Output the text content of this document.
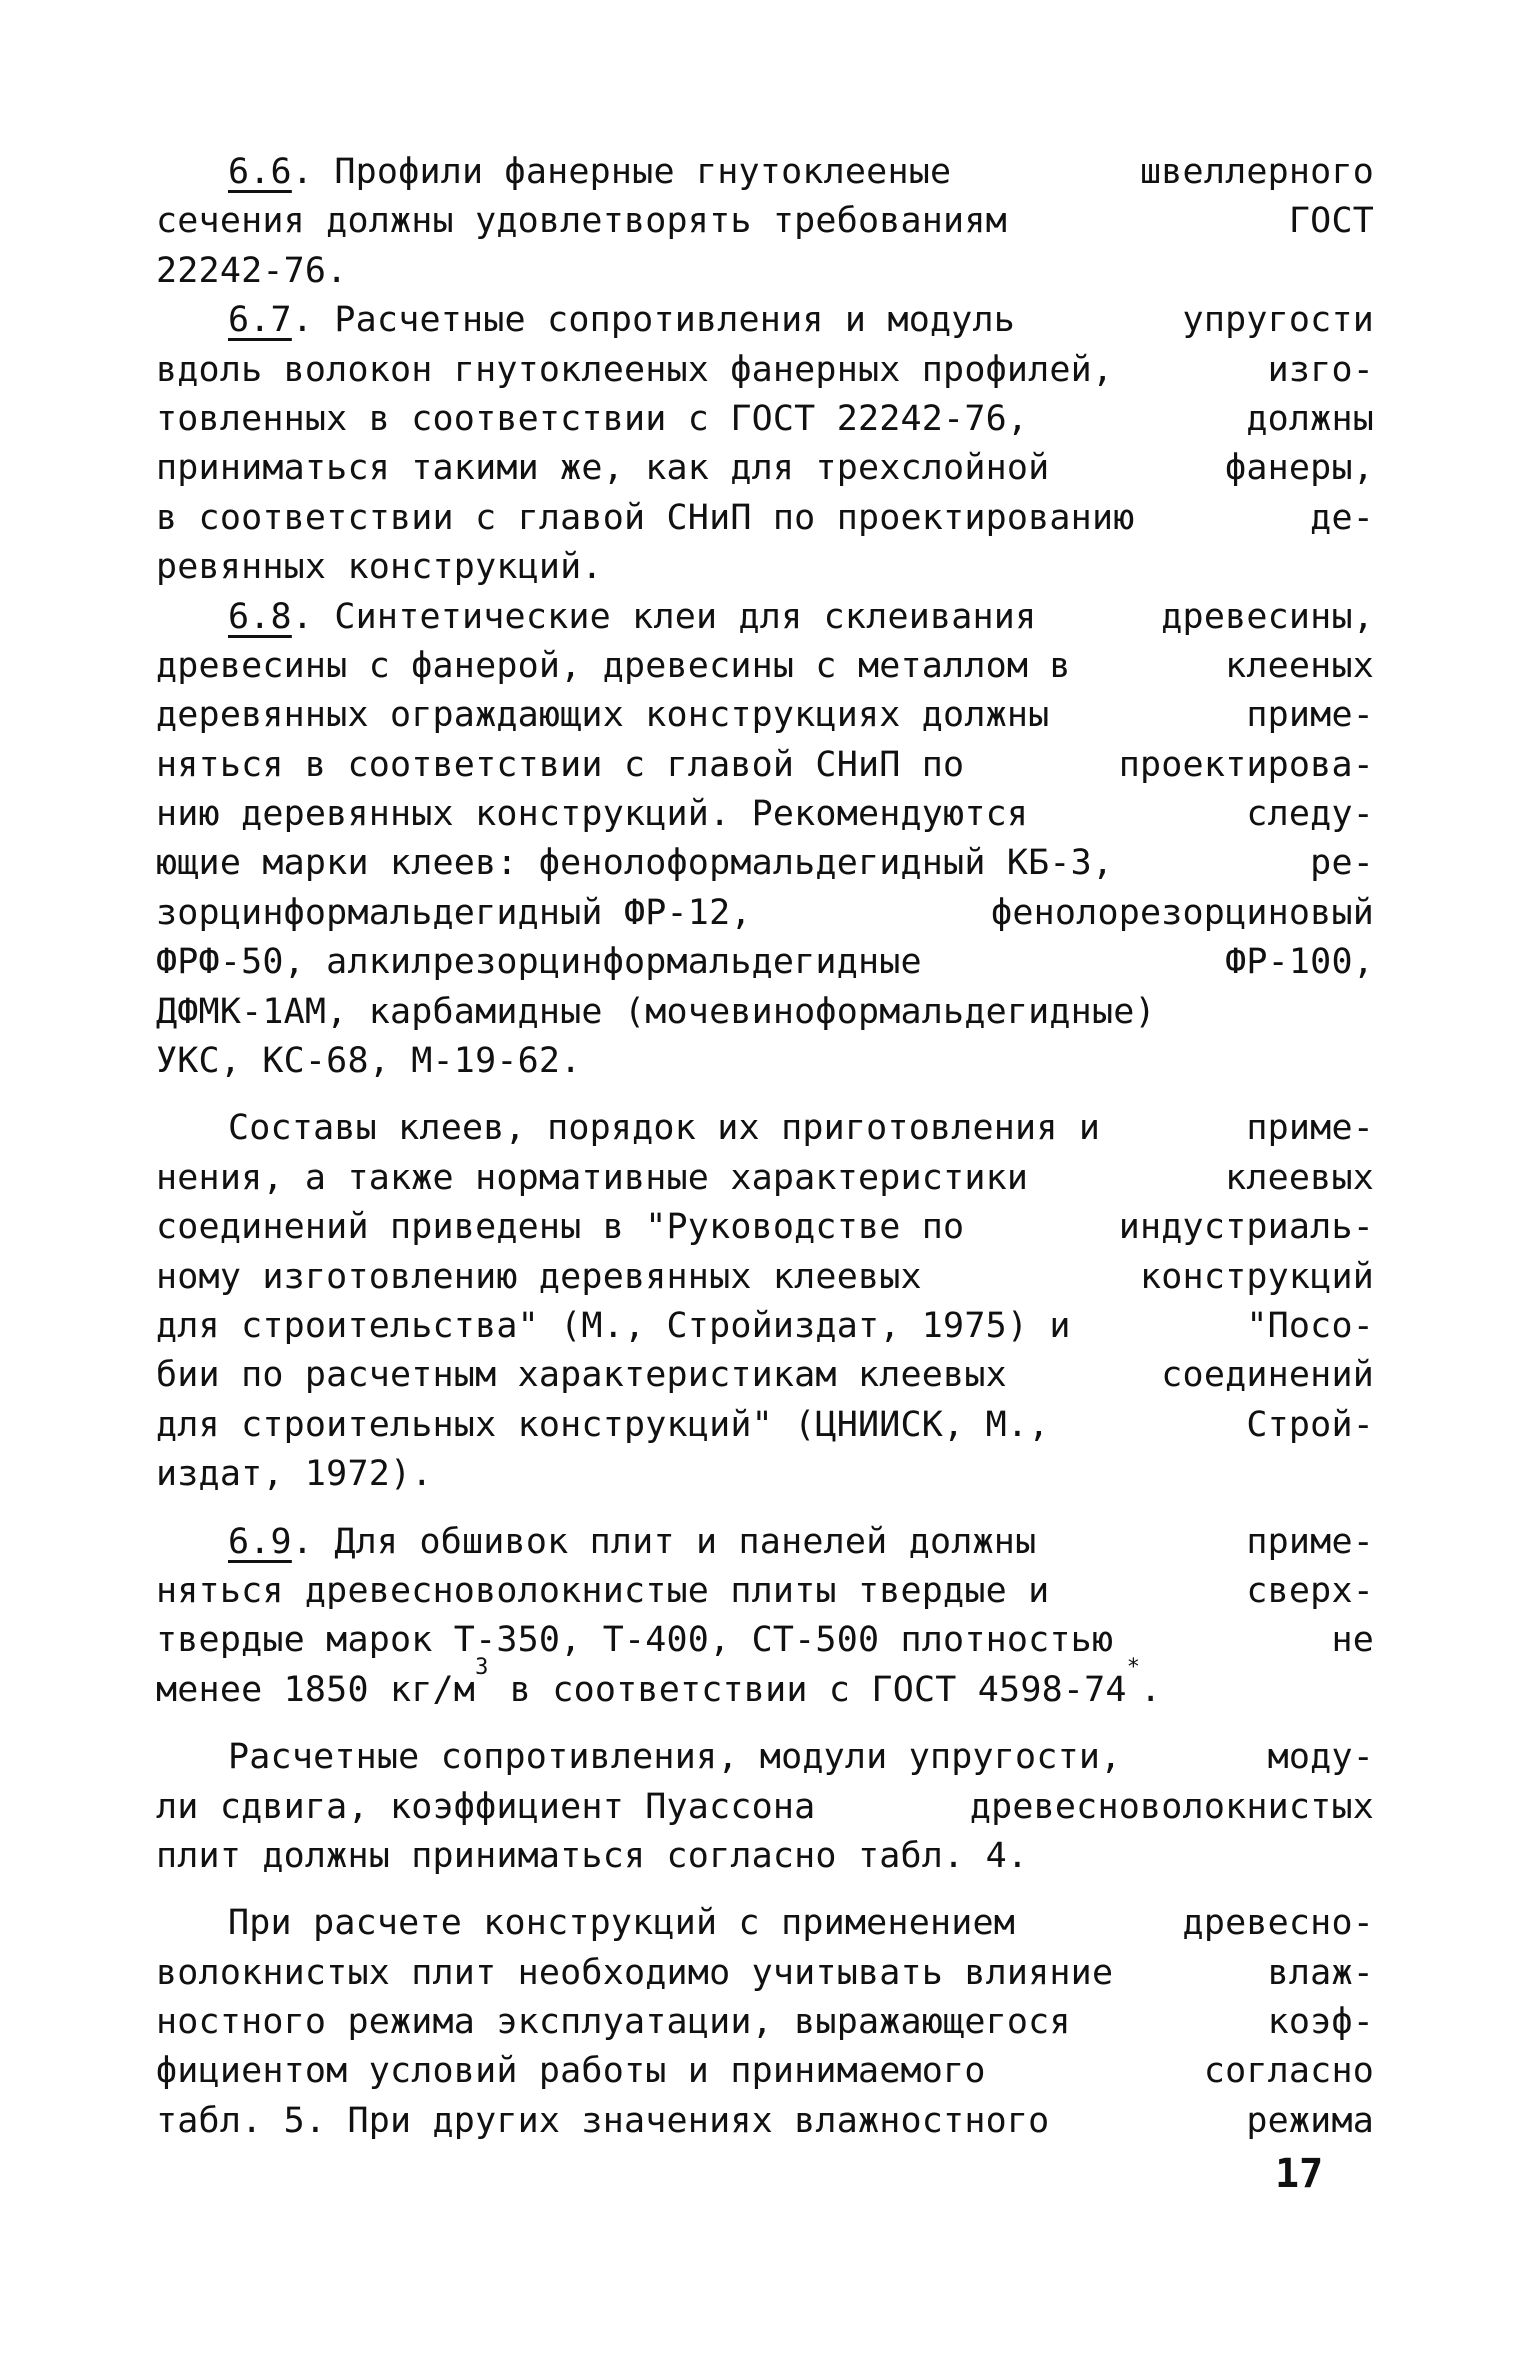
6.6. Профили фанерные гнутоклееные	швеллерного
сечения должны удовлетворять требованиям	ГОСТ
22242-76.
6.7. Расчетные сопротивления и модуль	упругости
вдоль волокон гнутоклееных фанерных профилей,	изго-
товленных в соответствии с ГОСТ 22242-76,	должны
приниматься такими же, как для трехслойной	фанеры,
в соответствии с главой СНиП по проектированию	де-
ревянных конструкций.
6.8. Синтетические клеи для склеивания	древесины,
древесины с фанерой, древесины с металлом в	клееных
деревянных ограждающих конструкциях должны	приме-
няться в соответствии с главой СНиП по	проектирова-
нию деревянных конструкций. Рекомендуются	следу-
ющие марки клеев: фенолоформальдегидный КБ-3,	ре-
зорцинформальдегидный ФР-12,	фенолорезорциновый
ФРФ-50, алкилрезорцинформальдегидные	ФР-100,
ДФМК-1АМ, карбамидные (мочевиноформальдегидные)
УКС, КС-68, М-19-62.
Составы клеев, порядок их приготовления и	приме-
нения, а также нормативные характеристики	клеевых
соединений приведены в "Руководстве по	индустриаль-
ному изготовлению деревянных клеевых	конструкций
для строительства" (М., Стройиздат, 1975) и	"Посо-
бии по расчетным характеристикам клеевых	соединений
для строительных конструкций" (ЦНИИСК, М.,	Строй-
издат, 1972).
6.9. Для обшивок плит и панелей должны	приме-
няться древесноволокнистые плиты твердые и	сверх-
твердые марок Т-350, Т-400, СТ-500 плотностью	не
менее 1850 $кг/м^3$ в соответствии с ГОСТ 4598-74*.
Расчетные сопротивления, модули упругости,	моду-
ли сдвига, коэффициент Пуассона	древесноволокнистых
плит должны приниматься согласно табл. 4.
При расчете конструкций с применением	древесно-
волокнистых плит необходимо учитывать влияние	влаж-
ностного режима эксплуатации, выражающегося	коэф-
фициентом условий работы и принимаемого	согласно
табл. 5. При других значениях влажностного	режима
17
